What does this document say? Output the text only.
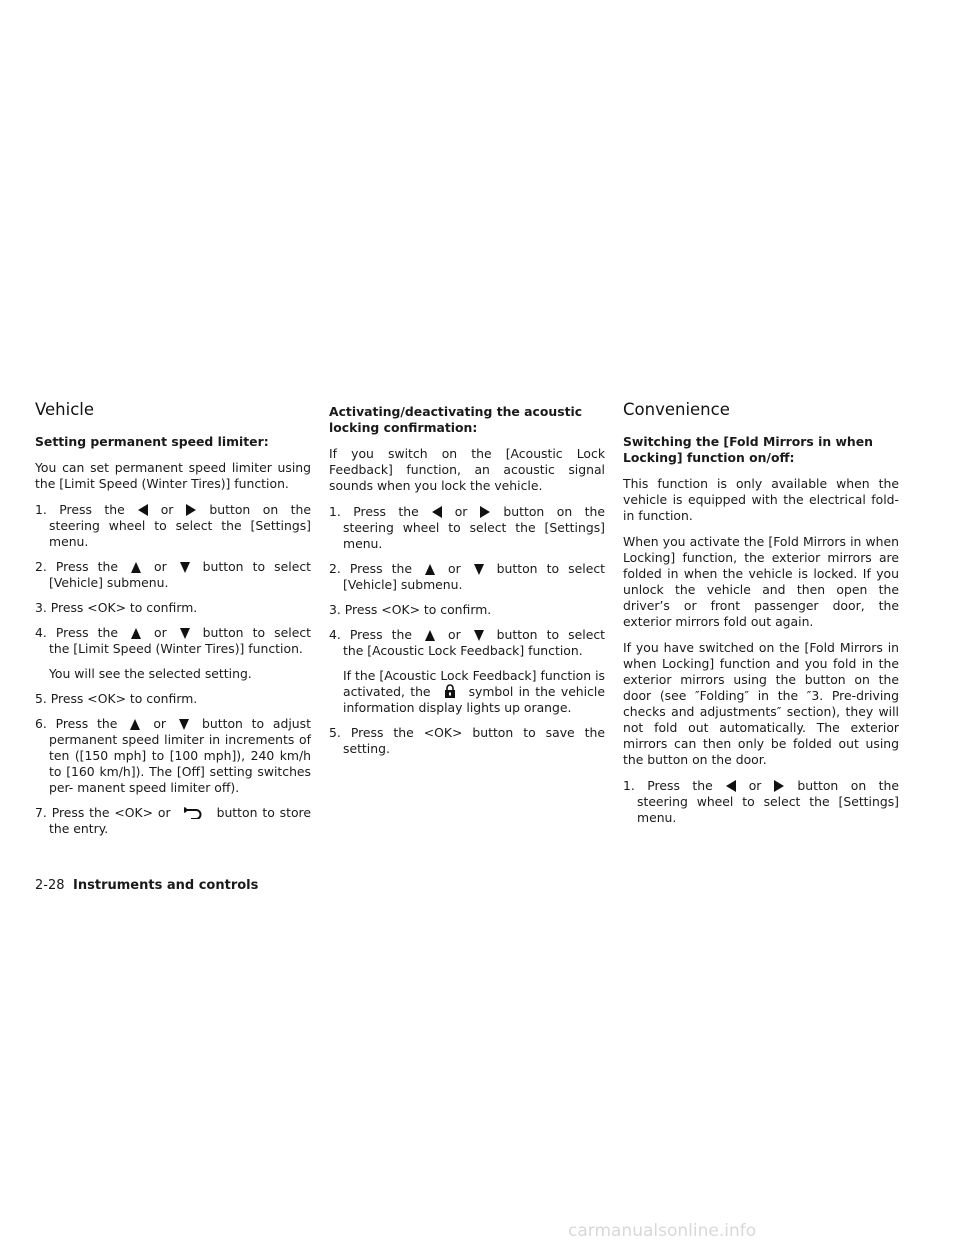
Vehicle
Setting permanent speed limiter:
You can set permanent speed limiter using the [Limit Speed (Winter Tires)] function.
1. Press the	or	button on the steering wheel to select the [Settings] menu.
2. Press the	or	button to select [Vehicle] submenu.
3. Press <OK> to confirm.
4. Press the	or	button to select the [Limit Speed (Winter Tires)] function.
You will see the selected setting.
5. Press <OK> to confirm.
6. Press the	or	button to adjust permanent speed limiter in increments of ten ([150 mph] to [100 mph]), 240 km/h to [160 km/h]). The [Off] setting switches per- manent speed limiter off).
7. Press the <OK> or	button to store the entry.
Activating/deactivating the acoustic locking confirmation:
If you switch on the [Acoustic Lock Feedback] function, an acoustic signal sounds when you lock the vehicle.
1. Press the	or	button on the steering wheel to select the [Settings] menu.
2. Press the	or	button to select [Vehicle] submenu.
3. Press <OK> to confirm.
4. Press the	or	button to select the [Acoustic Lock Feedback] function.
If the [Acoustic Lock Feedback] function is activated, the	symbol in the vehicle information display lights up orange.
5. Press the <OK> button to save the setting.
Convenience
Switching the [Fold Mirrors in when Locking] function on/off:
This function is only available when the vehicle is equipped with the electrical fold-in function.
When you activate the [Fold Mirrors in when Locking] function, the exterior mirrors are folded in when the vehicle is locked. If you unlock the vehicle and then open the driver’s or front passenger door, the exterior mirrors fold out again.
If you have switched on the [Fold Mirrors in when Locking] function and you fold in the exterior mirrors using the button on the door (see ″Folding″ in the ″3. Pre-driving checks and adjustments″ section), they will not fold out automatically. The exterior mirrors can then only be folded out using the button on the door.
1. Press the	or	button on the steering wheel to select the [Settings] menu.
2-28 Instruments and controls
carmanualsonline.info
